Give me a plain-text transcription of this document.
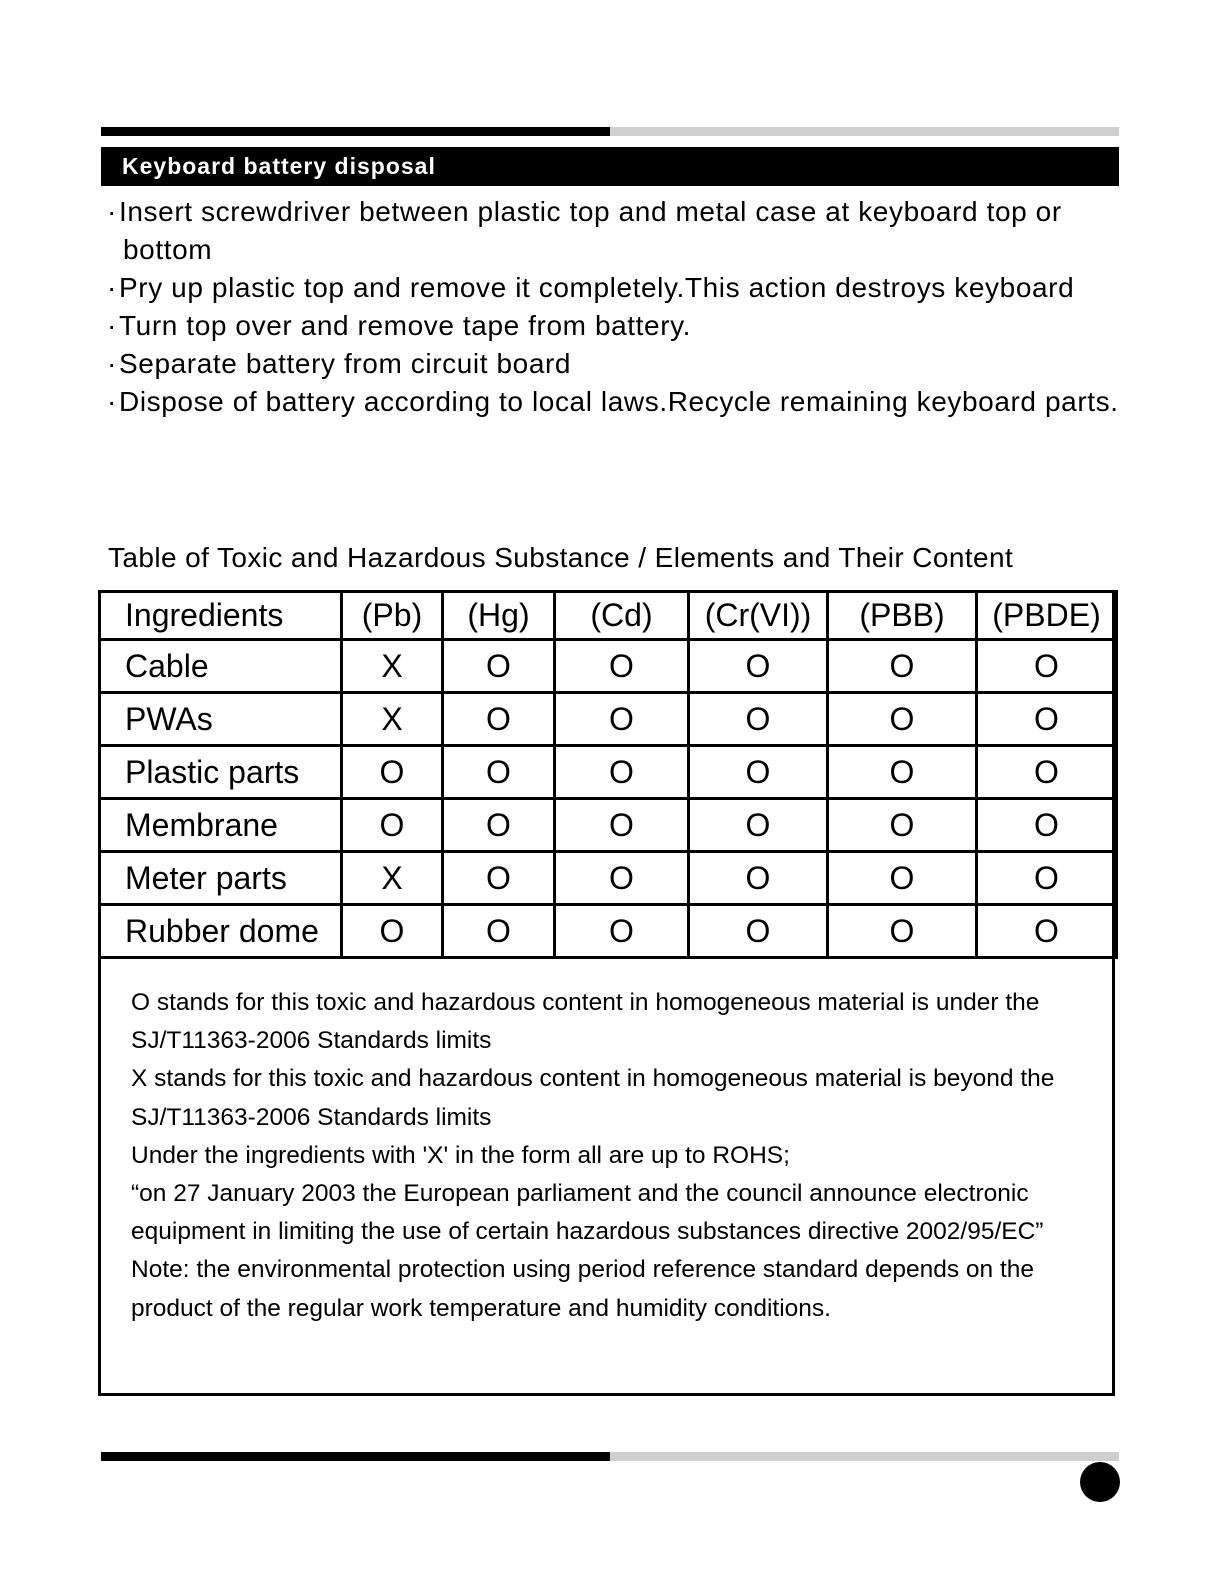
Keyboard battery disposal
·Insert screwdriver between plastic top and metal case at keyboard top or bottom
·Pry up plastic top and remove it completely.This action destroys keyboard
·Turn top over and remove tape from battery.
·Separate battery from circuit board
·Dispose of battery according to local laws.Recycle remaining keyboard parts.
Table of Toxic and Hazardous Substance / Elements and Their Content
Ingredients	(Pb)	(Hg)	(Cd)	(Cr(VI))	(PBB)	(PBDE)
Cable	X	O	O	O	O	O
PWAs	X	O	O	O	O	O
Plastic parts	O	O	O	O	O	O
Membrane	O	O	O	O	O	O
Meter parts	X	O	O	O	O	O
Rubber dome	O	O	O	O	O	O

O stands for this toxic and hazardous content in homogeneous material is under the SJ/T11363-2006 Standards limits

X stands for this toxic and hazardous content in homogeneous material is beyond the SJ/T11363-2006 Standards limits

Under the ingredients with 'X' in the form all are up to ROHS;

“on 27 January 2003 the European parliament and the council announce electronic equipment in limiting the use of certain hazardous substances directive 2002/95/EC”

Note: the environmental protection using period reference standard depends on the product of the regular work temperature and humidity conditions.
